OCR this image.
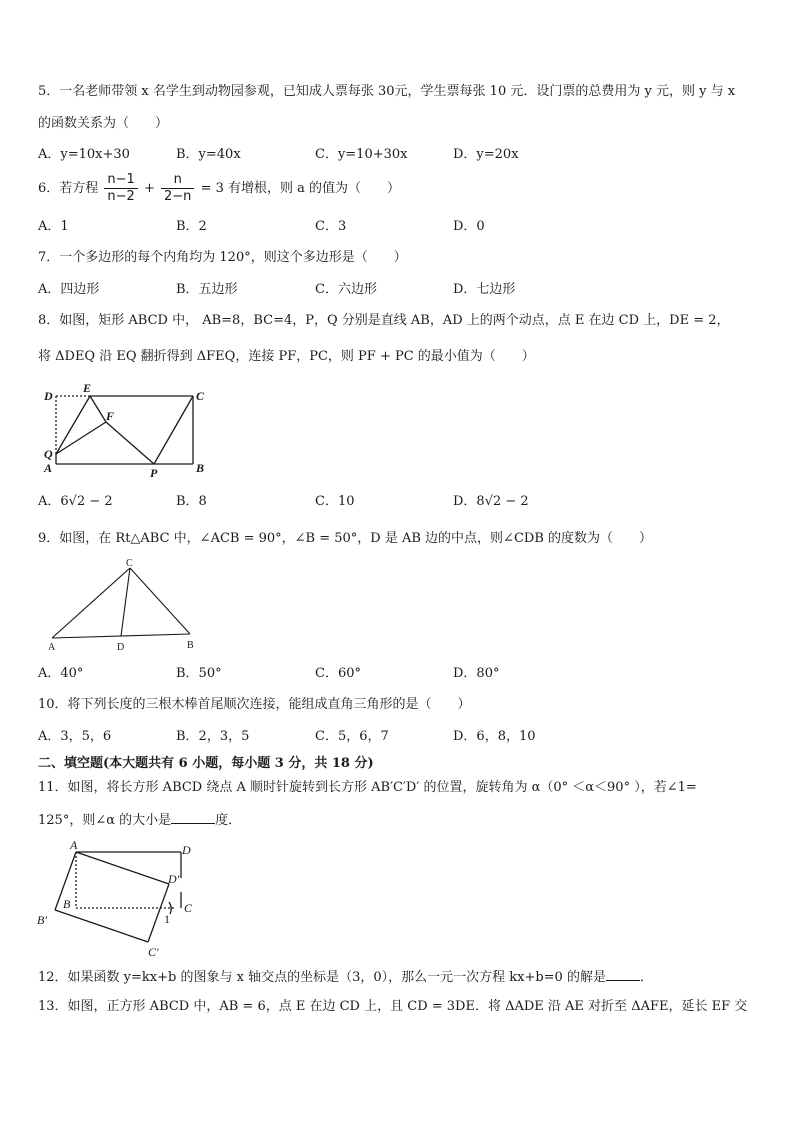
5．一名老师带领 x 名学生到动物园参观，已知成人票每张 30元，学生票每张 10 元．设门票的总费用为 y 元，则 y 与 x
的函数关系为（　　）
A．y=10x+30	B．y=40x	C．y=10+30x	D．y=20x
6．若方程 $\frac{n-1}{n-2} + \frac{n}{2-n} = 3$ 有增根，则 a 的值为（　　）
A．1	B．2	C．3	D．0
7．一个多边形的每个内角均为 120°，则这个多边形是（　　）
A．四边形	B．五边形	C．六边形	D．七边形
8．如图，矩形 ABCD 中， AB=8，BC=4，P，Q 分别是直线 AB，AD 上的两个动点，点 E 在边 CD 上，DE = 2，
将 ΔDEQ 沿 EQ 翻折得到 ΔFEQ，连接 PF，PC，则 PF + PC 的最小值为（　　）
D
E
C
F
Q
A	P	B
A．6√2 − 2	B．8	C．10	D．8√2 − 2
9．如图，在 Rt△ABC 中，∠ACB = 90°，∠B = 50°，D 是 AB 边的中点，则∠CDB 的度数为（　　）
C
A	D	B
A．40°	B．50°	C．60°	D．80°
10．将下列长度的三根木棒首尾顺次连接，能组成直角三角形的是（　　）
A．3，5，6	B．2，3，5	C．5，6，7	D．6，8，10
二、填空题(本大题共有 6 小题，每小题 3 分，共 18 分)
11．如图，将长方形 ABCD 绕点 A 顺时针旋转到长方形 AB′C′D′ 的位置，旋转角为 α（0° ＜α＜90° ），若∠1=
125°，则∠α 的大小是	度．
A	D
D′
B
B′
C
C′
1
12．如果函数 y=kx+b 的图象与 x 轴交点的坐标是（3，0），那么一元一次方程 kx+b=0 的解是	．
13．如图，正方形 ABCD 中，AB = 6，点 E 在边 CD 上，且 CD = 3DE．将 ΔADE 沿 AE 对折至 ΔAFE，延长 EF 交
